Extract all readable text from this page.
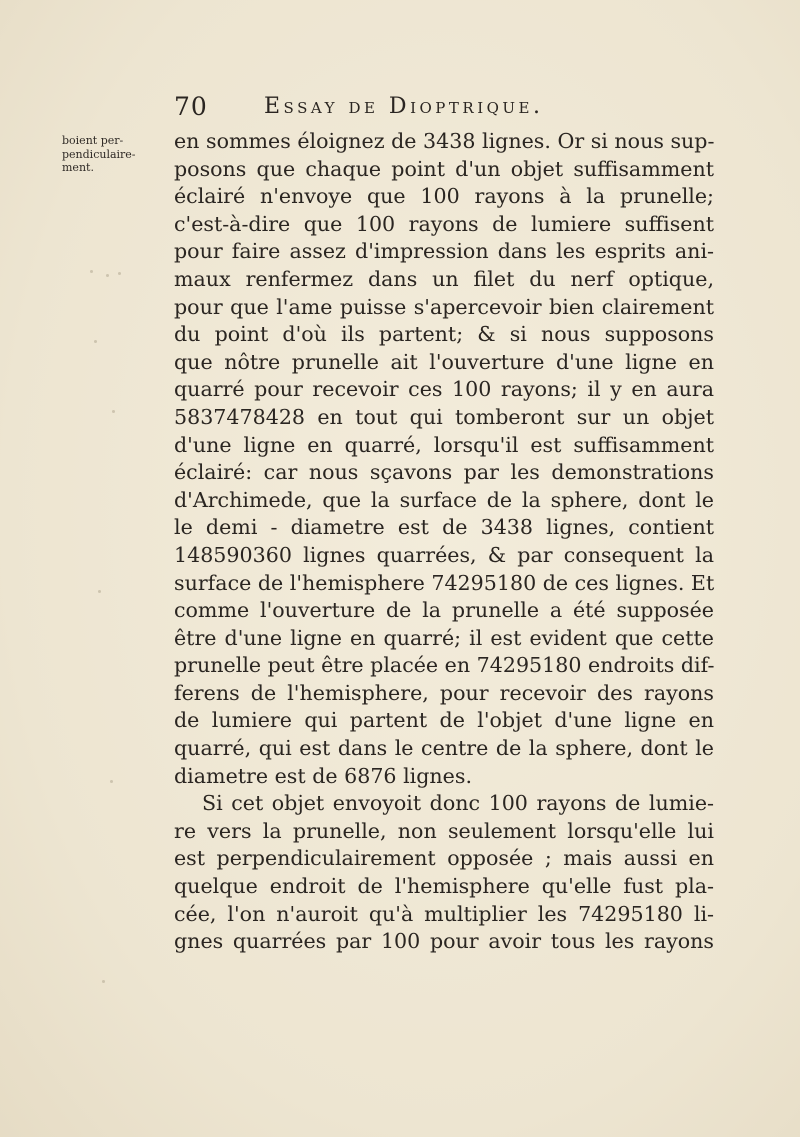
70	Essay de Dioptrique.

boient per-
pendiculaire-
ment.

en sommes éloignez de 3438 lignes. Or si nous sup-
posons que chaque point d'un objet suffisamment
éclairé n'envoye que 100 rayons à la prunelle;
c'est-à-dire que 100 rayons de lumiere suffisent
pour faire assez d'impression dans les esprits ani-
maux renfermez dans un filet du nerf optique,
pour que l'ame puisse s'apercevoir bien clairement
du point d'où ils partent; & si nous supposons
que nôtre prunelle ait l'ouverture d'une ligne en
quarré pour recevoir ces 100 rayons; il y en aura
5837478428 en tout qui tomberont sur un objet
d'une ligne en quarré, lorsqu'il est suffisamment
éclairé: car nous sçavons par les demonstrations
d'Archimede, que la surface de la sphere, dont le
le demi - diametre est de 3438 lignes, contient
148590360 lignes quarrées, & par consequent la
surface de l'hemisphere 74295180 de ces lignes. Et
comme l'ouverture de la prunelle a été supposée
être d'une ligne en quarré; il est evident que cette
prunelle peut être placée en 74295180 endroits dif-
ferens de l'hemisphere, pour recevoir des rayons
de lumiere qui partent de l'objet d'une ligne en
quarré, qui est dans le centre de la sphere, dont le
diametre est de 6876 lignes.
Si cet objet envoyoit donc 100 rayons de lumie-
re vers la prunelle, non seulement lorsqu'elle lui
est perpendiculairement opposée ; mais aussi en
quelque endroit de l'hemisphere qu'elle fust pla-
cée, l'on n'auroit qu'à multiplier les 74295180 li-
gnes quarrées par 100 pour avoir tous les rayons
